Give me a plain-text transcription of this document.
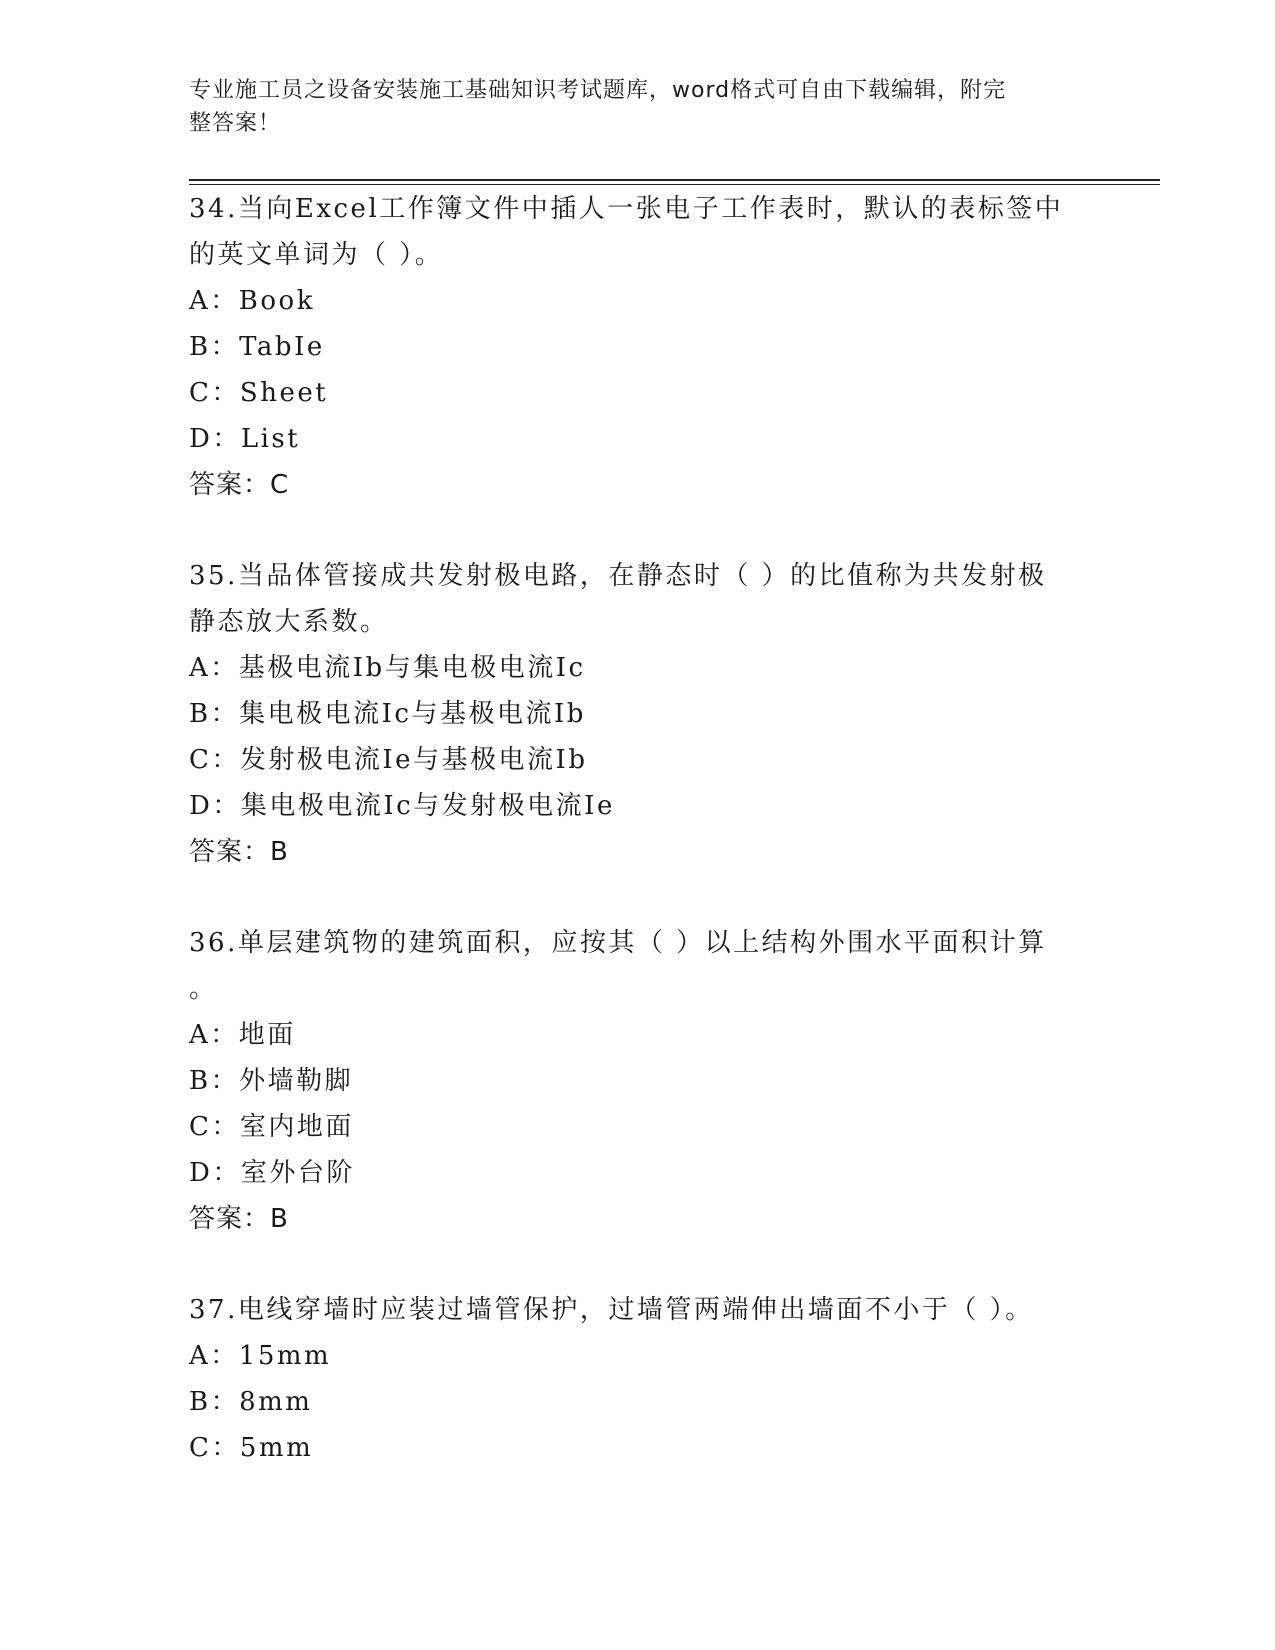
专业施工员之设备安装施工基础知识考试题库，word格式可自由下载编辑，附完
整答案！
34.当向Excel工作簿文件中插人一张电子工作表时，默认的表标签中
的英文单词为（ ）。
A：Book
B：TabIe
C：Sheet
D：List
答案：C
35.当品体管接成共发射极电路，在静态时（ ）的比值称为共发射极
静态放大系数。
A：基极电流Ib与集电极电流Ic
B：集电极电流Ic与基极电流Ib
C：发射极电流Ie与基极电流Ib
D：集电极电流Ic与发射极电流Ie
答案：B
36.单层建筑物的建筑面积，应按其（ ）以上结构外围水平面积计算
。
A：地面
B：外墙勒脚
C：室内地面
D：室外台阶
答案：B
37.电线穿墙时应装过墙管保护，过墙管两端伸出墙面不小于（ ）。
A：15mm
B：8mm
C：5mm
